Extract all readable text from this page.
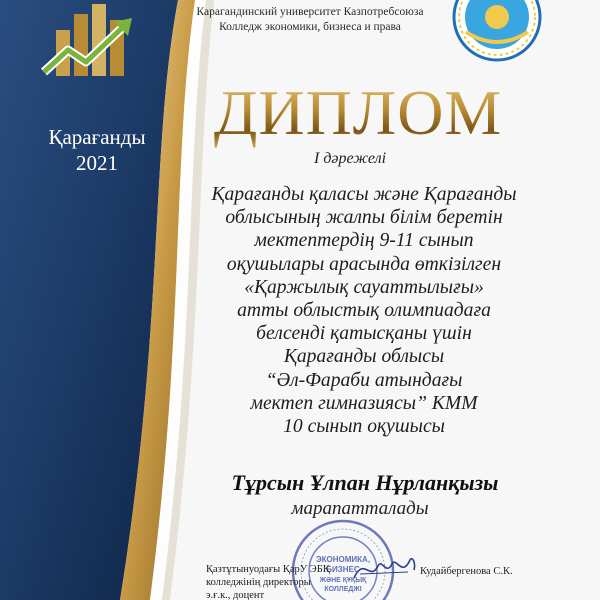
Қарағанды
2021
Карагандинский университет Казпотребсоюза
Колледж экономики, бизнеса и права
ДИПЛОМ
І дәрежелі
Қарағанды қаласы және Қарағанды
облысының жалпы білім беретін
мектептердің 9-11 сынып
оқушылары арасында өткізілген
«Қаржылық сауаттылығы»
атты облыстық олимпиадаға
белсенді қатысқаны үшін
Қарағанды облысы
“Әл-Фараби атындағы
мектеп гимназиясы” КММ
10 сынып оқушысы
Тұрсын Ұлпан Нұрланқызы
марапатталады
ЭКОНОМИКА,
БИЗНЕС
ЖӘНЕ ҚҰҚЫҚ
КОЛЛЕДЖІ
Қазтұтынуодағы ҚарУ ЭБҚ
колледжінің директоры
э.ғ.к., доцент
Кудайбергенова С.К.
